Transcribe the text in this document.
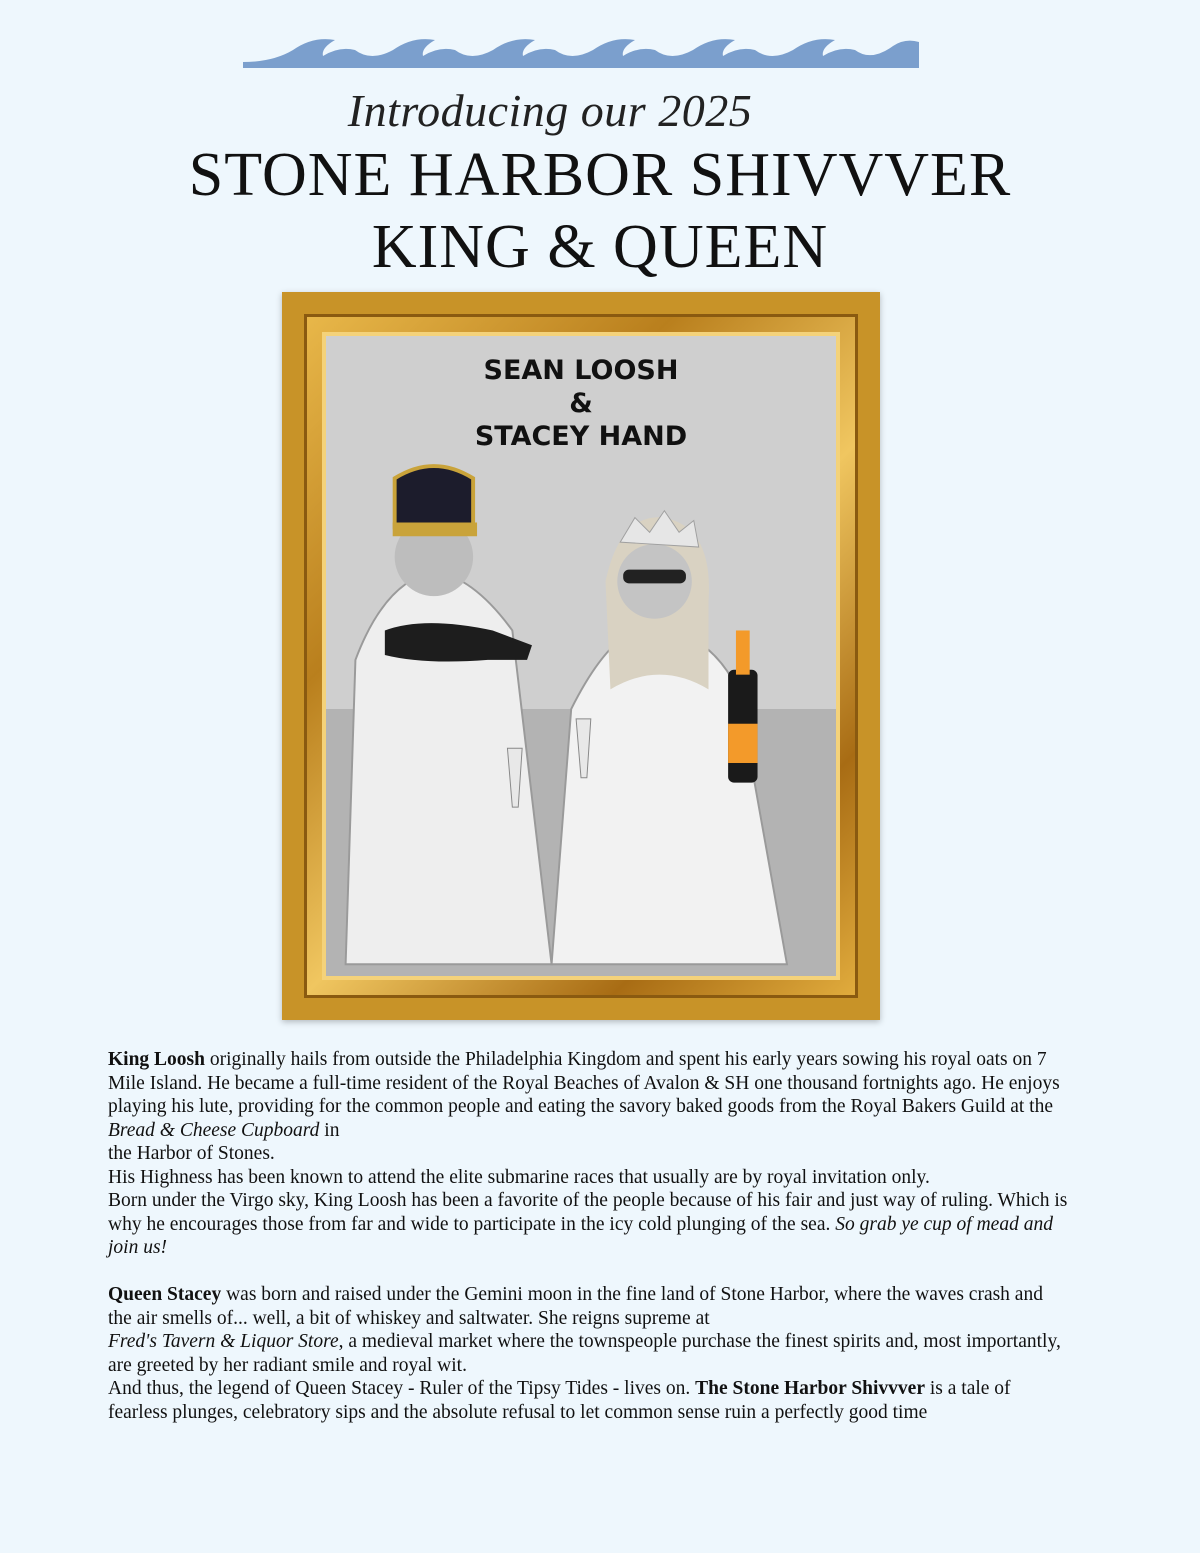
Introducing our 2025
STONE HARBOR SHIVVVER
KING & QUEEN
SEAN LOOSH
&
STACEY HAND

King Loosh originally hails from outside the Philadelphia Kingdom and spent his early years sowing his royal oats on 7 Mile Island. He became a full-time resident of the Royal Beaches of Avalon & SH one thousand fortnights ago. He enjoys playing his lute, providing for the common people and eating the savory baked goods from the Royal Bakers Guild at the Bread & Cheese Cupboard in

the Harbor of Stones.

His Highness has been known to attend the elite submarine races that usually are by royal invitation only.

Born under the Virgo sky, King Loosh has been a favorite of the people because of his fair and just way of ruling. Which is why he encourages those from far and wide to participate in the icy cold plunging of the sea. So grab ye cup of mead and join us!

Queen Stacey was born and raised under the Gemini moon in the fine land of Stone Harbor, where the waves crash and the air smells of... well, a bit of whiskey and saltwater. She reigns supreme at

Fred's Tavern & Liquor Store, a medieval market where the townspeople purchase the finest spirits and, most importantly, are greeted by her radiant smile and royal wit.

And thus, the legend of Queen Stacey - Ruler of the Tipsy Tides - lives on. The Stone Harbor Shivvver is a tale of fearless plunges, celebratory sips and the absolute refusal to let common sense ruin a perfectly good time
